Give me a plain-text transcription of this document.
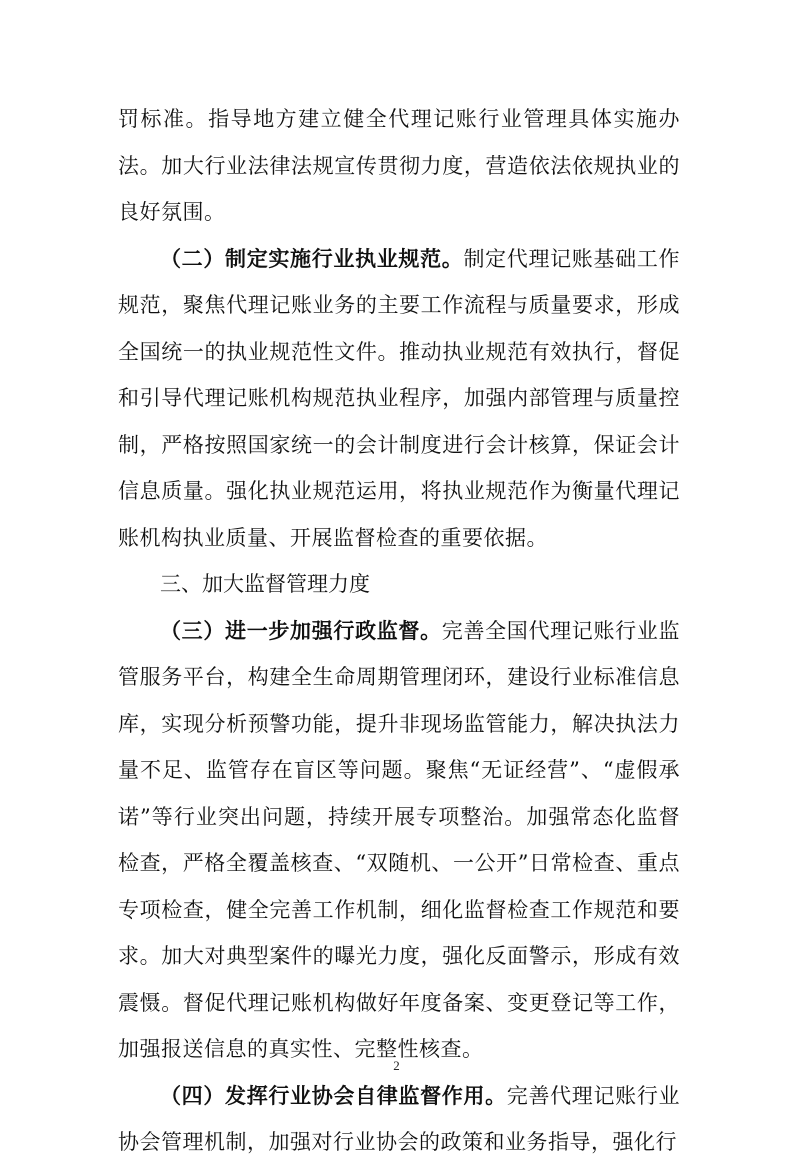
罚标准。指导地方建立健全代理记账行业管理具体实施办法。加大行业法律法规宣传贯彻力度，营造依法依规执业的良好氛围。

（二）制定实施行业执业规范。制定代理记账基础工作规范，聚焦代理记账业务的主要工作流程与质量要求，形成全国统一的执业规范性文件。推动执业规范有效执行，督促和引导代理记账机构规范执业程序，加强内部管理与质量控制，严格按照国家统一的会计制度进行会计核算，保证会计信息质量。强化执业规范运用，将执业规范作为衡量代理记账机构执业质量、开展监督检查的重要依据。

三、加大监督管理力度

（三）进一步加强行政监督。完善全国代理记账行业监管服务平台，构建全生命周期管理闭环，建设行业标准信息库，实现分析预警功能，提升非现场监管能力，解决执法力量不足、监管存在盲区等问题。聚焦“无证经营”、“虚假承诺”等行业突出问题，持续开展专项整治。加强常态化监督检查，严格全覆盖核查、“双随机、一公开”日常检查、重点专项检查，健全完善工作机制，细化监督检查工作规范和要求。加大对典型案件的曝光力度，强化反面警示，形成有效震慑。督促代理记账机构做好年度备案、变更登记等工作，加强报送信息的真实性、完整性核查。

（四）发挥行业协会自律监督作用。完善代理记账行业协会管理机制，加强对行业协会的政策和业务指导，强化行

2
